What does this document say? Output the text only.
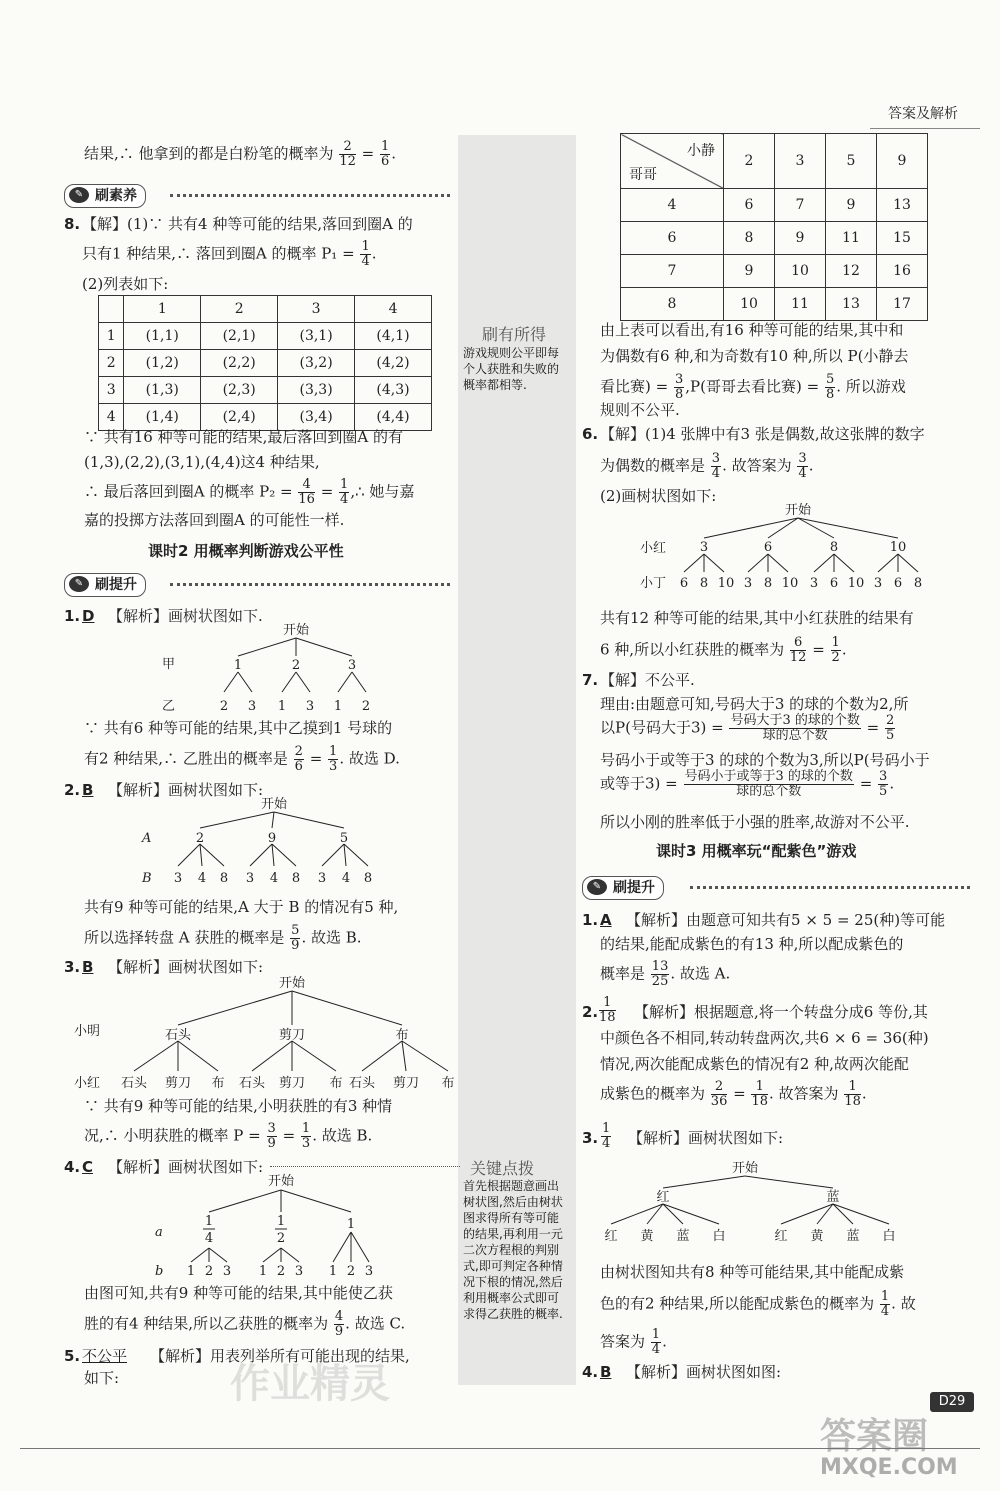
答案及解析
刷有所得
游戏规则公平即每个人获胜和失败的概率都相等.
关键点拨
首先根据题意画出树状图,然后由树状图求得所有等可能的结果,再利用一元二次方程根的判别式,即可判定各种情况下根的情况,然后利用概率公式即可求得乙获胜的概率.
结果,∴ 他拿到的都是白粉笔的概率为 $\frac{2}{12} = \frac{1}{6}$ .
✎ 刷素养
8. 【解】(1)∵ 共有4 种等可能的结果,落回到圈A 的
只有1 种结果,∴ 落回到圈A 的概率 $P_1 = \frac{1}{4}$ .
(2)列表如下:
	1	2	3	4
1	(1,1)	(2,1)	(3,1)	(4,1)
2	(1,2)	(2,2)	(3,2)	(4,2)
3	(1,3)	(2,3)	(3,3)	(4,3)
4	(1,4)	(2,4)	(3,4)	(4,4)
∵ 共有16 种等可能的结果,最后落回到圈A 的有
(1,3),(2,2),(3,1),(4,4)这4 种结果,
∴ 最后落回到圈A 的概率 $P_2 = \frac{4}{16} = \frac{1}{4}$ ,∴ 她与嘉
嘉的投掷方法落回到圈A 的可能性一样.
课时2 用概率判断游戏公平性
✎ 刷提升
1. D 【解析】画树状图如下.
开始
甲
乙
1	2	3
2 3 1 3 1 2
∵ 共有6 种等可能的结果,其中乙摸到1 号球的
有2 种结果,∴ 乙胜出的概率是 $\frac{2}{6} = \frac{1}{3}$ . 故选 D.
2. B 【解析】画树状图如下:
开始
A
B
2	9	5
3 4 8 3 4 8 3 4 8
共有9 种等可能的结果,A 大于 B 的情况有5 种,
所以选择转盘 A 获胜的概率是 $\frac{5}{9}$ . 故选 B.
3. B 【解析】画树状图如下:
开始
小明
小红
石头	剪刀	布
石头 剪刀 布 石头 剪刀 布 石头 剪刀 布
∵ 共有9 种等可能的结果,小明获胜的有3 种情
况,∴ 小明获胜的概率 $P = \frac{3}{9} = \frac{1}{3}$ . 故选 B.
4. C 【解析】画树状图如下:
开始
a
b
1
4
1
2
1
1 2 3 1 2 3 1 2 3
由图可知,共有9 种等可能的结果,其中能使乙获
胜的有4 种结果,所以乙获胜的概率为 $\frac{4}{9}$ . 故选 C.
5. 不公平 【解析】用表列举所有可能出现的结果,
如下:
小静
哥哥	2	3	5	9
4	6	7	9	13
6	8	9	11	15
7	9	10	12	16
8	10	11	13	17
由上表可以看出,有16 种等可能的结果,其中和
为偶数有6 种,和为奇数有10 种,所以 P(小静去
看比赛) = $\frac{3}{8} ,P$(哥哥去看比赛) = $\frac{5}{8}$ . 所以游戏
规则不公平.
6. 【解】(1)4 张牌中有3 张是偶数,故这张牌的数字
为偶数的概率是 $\frac{3}{4}$ . 故答案为 $\frac{3}{4}$ .
(2)画树状图如下:
开始
小红
小丁
3	6	8	10
6 8 10 3 8 10 3 6 10 3 6 8
共有12 种等可能的结果,其中小红获胜的结果有
6 种,所以小红获胜的概率为 $\frac{6}{12} = \frac{1}{2}$ .
7. 【解】不公平.
理由:由题意可知,号码大于3 的球的个数为2,所
以P(号码大于$3) = \frac{\text{号码大于3 的球的个数}}{\text{球的总个数}} = \frac{2}{5}$
号码小于或等于3 的球的个数为3,所以P(号码小于
或等于$3) = \frac{\text{号码小于或等于3 的球的个数}}{\text{球的总个数}} = \frac{3}{5}$ .
所以小刚的胜率低于小强的胜率,故游对不公平.
课时3 用概率玩“配紫色”游戏
✎ 刷提升
1. A 【解析】由题意可知共有5 × 5 = 25(种)等可能
的结果,能配成紫色的有13 种,所以配成紫色的
概率是 $\frac{13}{25}$ . 故选 A.
2. $\frac{1}{18}$ 【解析】根据题意,将一个转盘分成6 等份,其
中颜色各不相同,转动转盘两次,共6 × 6 = 36(种)
情况,两次能配成紫色的情况有2 种,故两次能配
成紫色的概率为 $\frac{2}{36} = \frac{1}{18}$ . 故答案为 $\frac{1}{18}$ .
3. $\frac{1}{4}$ 【解析】画树状图如下:
开始
红	蓝
红 黄 蓝 白	红 黄 蓝 白
由树状图知共有8 种等可能结果,其中能配成紫
色的有2 种结果,所以能配成紫色的概率为 $\frac{1}{4}$ . 故
答案为 $\frac{1}{4}$ .
4. B 【解析】画树状图如图:
D29
MXQE.COM
答案圈
作业精灵
